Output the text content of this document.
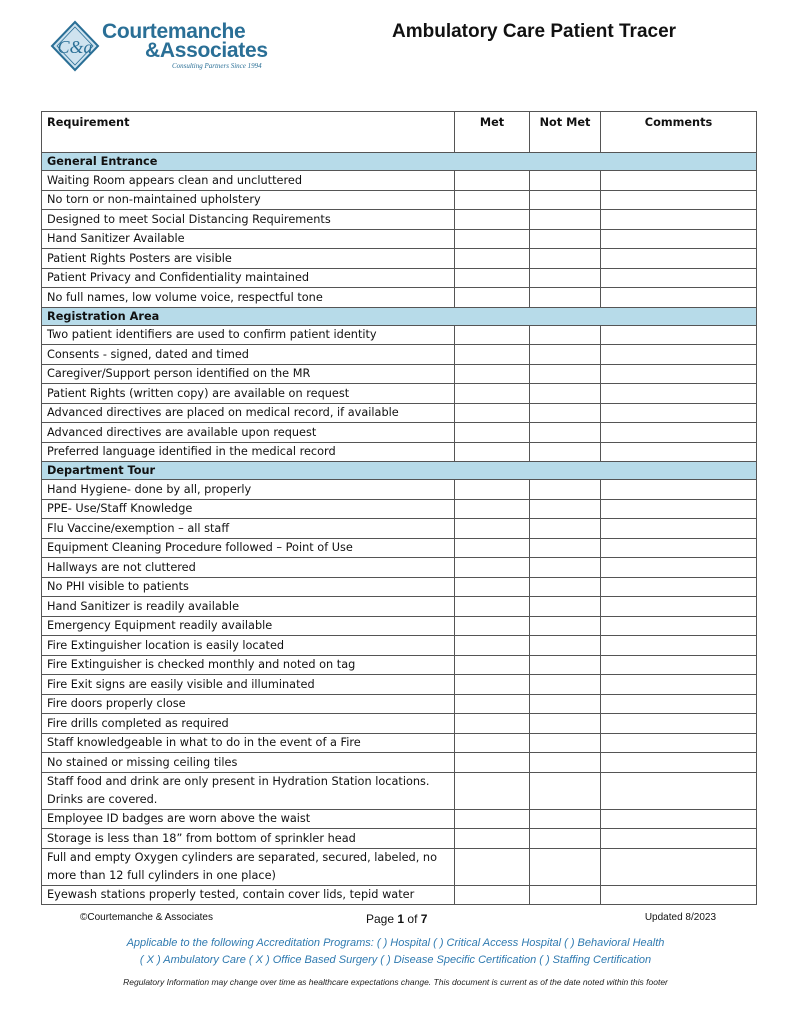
C&a
Courtemanche
&Associates
Consulting Partners Since 1994
Ambulatory Care Patient Tracer
Requirement	Met	Not Met	Comments
General Entrance			
Waiting Room appears clean and uncluttered			
No torn or non-maintained upholstery			
Designed to meet Social Distancing Requirements			
Hand Sanitizer Available			
Patient Rights Posters are visible			
Patient Privacy and Confidentiality maintained			
No full names, low volume voice, respectful tone			
Registration Area			
Two patient identifiers are used to confirm patient identity			
Consents - signed, dated and timed			
Caregiver/Support person identified on the MR			
Patient Rights (written copy) are available on request			
Advanced directives are placed on medical record, if available			
Advanced directives are available upon request			
Preferred language identified in the medical record			
Department Tour			
Hand Hygiene- done by all, properly			
PPE- Use/Staff Knowledge			
Flu Vaccine/exemption – all staff			
Equipment Cleaning Procedure followed – Point of Use			
Hallways are not cluttered			
No PHI visible to patients			
Hand Sanitizer is readily available			
Emergency Equipment readily available			
Fire Extinguisher location is easily located			
Fire Extinguisher is checked monthly and noted on tag			
Fire Exit signs are easily visible and illuminated			
Fire doors properly close			
Fire drills completed as required			
Staff knowledgeable in what to do in the event of a Fire			
No stained or missing ceiling tiles			
Staff food and drink are only present in Hydration Station locations. Drinks are covered.			
Employee ID badges are worn above the waist			
Storage is less than 18” from bottom of sprinkler head			
Full and empty Oxygen cylinders are separated, secured, labeled, no more than 12 full cylinders in one place)			
Eyewash stations properly tested, contain cover lids, tepid water			
©Courtemanche & Associates	Page 1 of 7	Updated 8/2023
Applicable to the following Accreditation Programs: ( ) Hospital ( ) Critical Access Hospital ( ) Behavioral Health
( X ) Ambulatory Care ( X ) Office Based Surgery ( ) Disease Specific Certification ( ) Staffing Certification
Regulatory Information may change over time as healthcare expectations change. This document is current as of the date noted within this footer
